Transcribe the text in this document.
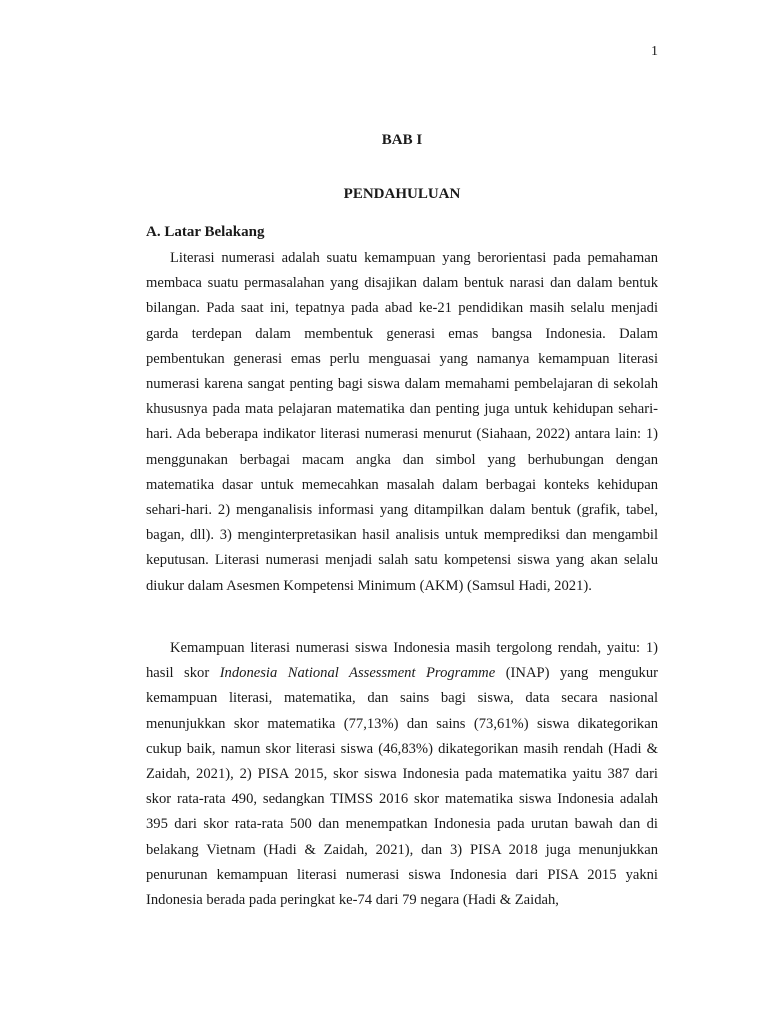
1
BAB I
PENDAHULUAN
A. Latar Belakang

Literasi numerasi adalah suatu kemampuan yang berorientasi pada pemahaman membaca suatu permasalahan yang disajikan dalam bentuk narasi dan dalam bentuk bilangan. Pada saat ini, tepatnya pada abad ke-21 pendidikan masih selalu menjadi garda terdepan dalam membentuk generasi emas bangsa Indonesia. Dalam pembentukan generasi emas perlu menguasai yang namanya kemampuan literasi numerasi karena sangat penting bagi siswa dalam memahami pembelajaran di sekolah khususnya pada mata pelajaran matematika dan penting juga untuk kehidupan sehari-hari. Ada beberapa indikator literasi numerasi menurut (Siahaan, 2022) antara lain: 1) menggunakan berbagai macam angka dan simbol yang berhubungan dengan matematika dasar untuk memecahkan masalah dalam berbagai konteks kehidupan sehari-hari. 2) menganalisis informasi yang ditampilkan dalam bentuk (grafik, tabel, bagan, dll). 3) menginterpretasikan hasil analisis untuk memprediksi dan mengambil keputusan. Literasi numerasi menjadi salah satu kompetensi siswa yang akan selalu diukur dalam Asesmen Kompetensi Minimum (AKM) (Samsul Hadi, 2021).

Kemampuan literasi numerasi siswa Indonesia masih tergolong rendah, yaitu: 1) hasil skor Indonesia National Assessment Programme (INAP) yang mengukur kemampuan literasi, matematika, dan sains bagi siswa, data secara nasional menunjukkan skor matematika (77,13%) dan sains (73,61%) siswa dikategorikan cukup baik, namun skor literasi siswa (46,83%) dikategorikan masih rendah (Hadi & Zaidah, 2021), 2) PISA 2015, skor siswa Indonesia pada matematika yaitu 387 dari skor rata-rata 490, sedangkan TIMSS 2016 skor matematika siswa Indonesia adalah 395 dari skor rata-rata 500 dan menempatkan Indonesia pada urutan bawah dan di belakang Vietnam (Hadi & Zaidah, 2021), dan 3) PISA 2018 juga menunjukkan penurunan kemampuan literasi numerasi siswa Indonesia dari PISA 2015 yakni Indonesia berada pada peringkat ke-74 dari 79 negara (Hadi & Zaidah,
